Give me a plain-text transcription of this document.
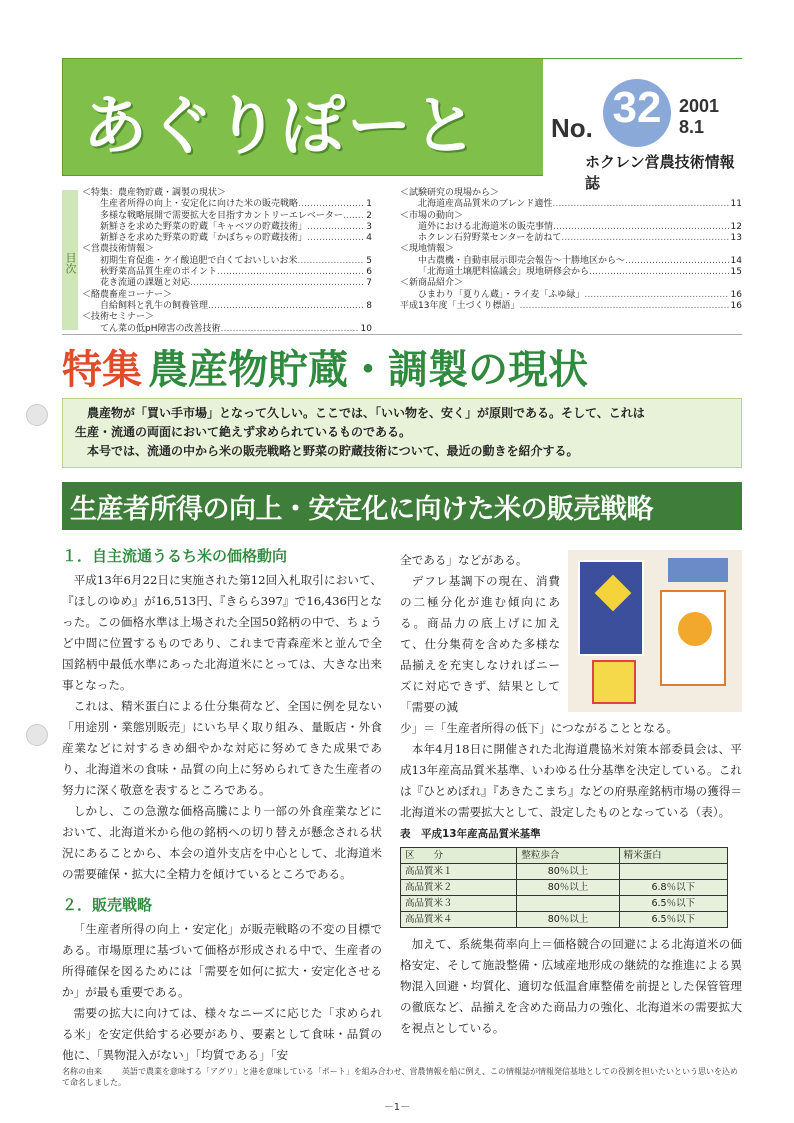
あぐりぽーと	No. 32 2001
8.1
ホクレン営農技術情報誌
目次
＜特集：農産物貯蔵・調製の現状＞
生産者所得の向上・安定化に向けた米の販売戦略 ……………………………………………………………………………………………………………	1
多様な戦略展開で需要拡大を目指すカントリーエレベーター ……………………………………………………………………………………………………………	2
新鮮さを求めた野菜の貯蔵「キャベツの貯蔵技術」 ……………………………………………………………………………………………………………	3
新鮮さを求めた野菜の貯蔵「かぼちゃの貯蔵技術」 ……………………………………………………………………………………………………………	4
＜営農技術情報＞
初期生育促進・ケイ酸追肥で白くておいしいお米 ……………………………………………………………………………………………………………	5
秋野菜高品質生産のポイント ……………………………………………………………………………………………………………	6
花き流通の課題と対応 ……………………………………………………………………………………………………………	7
＜酪農畜産コーナー＞
自給飼料と乳牛の飼養管理 ……………………………………………………………………………………………………………	8
＜技術セミナー＞
てん菜の低pH障害の改善技術 ……………………………………………………………………………………………………………	10
＜試験研究の現場から＞
北海道産高品質米のブレンド適性 ……………………………………………………………………………………………………………	11
＜市場の動向＞
道外における北海道米の販売事情 ……………………………………………………………………………………………………………	12
ホクレン石狩野菜センターを訪ねて ……………………………………………………………………………………………………………	13
＜現地情報＞
中古農機・自動車展示即売会報告～十勝地区から～ ……………………………………………………………………………………………………………	14
「北海道土壌肥料協議会」現地研修会から ……………………………………………………………………………………………………………	15
＜新商品紹介＞
ひまわり「夏りん蔵」・ライ麦「ふゆ緑」 ……………………………………………………………………………………………………………	16
平成13年度「土づくり標語」 ……………………………………………………………………………………………………………	16
特集 農産物貯蔵・調製の現状
農産物が「買い手市場」となって久しい。ここでは、「いい物を、安く」が原則である。そして、これは
生産・流通の両面において絶えず求められているものである。
本号では、流通の中から米の販売戦略と野菜の貯蔵技術について、最近の動きを紹介する。
生産者所得の向上・安定化に向けた米の販売戦略
１．自主流通うるち米の価格動向

平成13年6月22日に実施された第12回入札取引において、『ほしのゆめ』が16,513円、『きらら397』で16,436円となった。この価格水準は上場された全国50銘柄の中で、ちょうど中間に位置するものであり、これまで青森産米と並んで全国銘柄中最低水準にあった北海道米にとっては、大きな出来事となった。

これは、精米蛋白による仕分集荷など、全国に例を見ない「用途別・業態別販売」にいち早く取り組み、量販店・外食産業などに対するきめ細やかな対応に努めてきた成果であり、北海道米の食味・品質の向上に努められてきた生産者の努力に深く敬意を表するところである。

しかし、この急激な価格高騰により一部の外食産業などにおいて、北海道米から他の銘柄への切り替えが懸念される状況にあることから、本会の道外支店を中心として、北海道米の需要確保・拡大に全精力を傾けているところである。

２．販売戦略

「生産者所得の向上・安定化」が販売戦略の不変の目標である。市場原理に基づいて価格が形成される中で、生産者の所得確保を図るためには「需要を如何に拡大・安定化させるか」が最も重要である。

需要の拡大に向けては、様々なニーズに応じた「求められる米」を安定供給する必要があり、要素として食味・品質の他に、「異物混入がない」「均質である」「安

全である」などがある。

デフレ基調下の現在、消費の二極分化が進む傾向にある。商品力の底上げに加えて、仕分集荷を含めた多様な品揃えを充実しなければニーズに対応できず、結果として「需要の減

少」＝「生産者所得の低下」につながることとなる。

本年4月18日に開催された北海道農協米対策本部委員会は、平成13年産高品質米基準、いわゆる仕分基準を決定している。これは『ひとめぼれ』『あきたこまち』などの府県産銘柄市場の獲得＝北海道米の需要拡大として、設定したものとなっている（表）。

表　平成13年産高品質米基準
区　　分	整粒歩合	精米蛋白
高品質米１	80％以上	
高品質米２	80％以上	6.8％以下
高品質米３		6.5％以下
高品質米４	80％以上	6.5％以下

加えて、系統集荷率向上＝価格競合の回避による北海道米の価格安定、そして施設整備・広域産地形成の継続的な推進による異物混入回避・均質化、適切な低温倉庫整備を前提とした保管管理の徹底など、品揃えを含めた商品力の強化、北海道米の需要拡大を視点としている。

名称の由来	英語で農業を意味する「アグリ」と港を意味している「ポート」を組み合わせ、営農情報を船に例え、この情報誌が情報発信基地としての役割を担いたいという思いを込めて命名しました。
－1－
